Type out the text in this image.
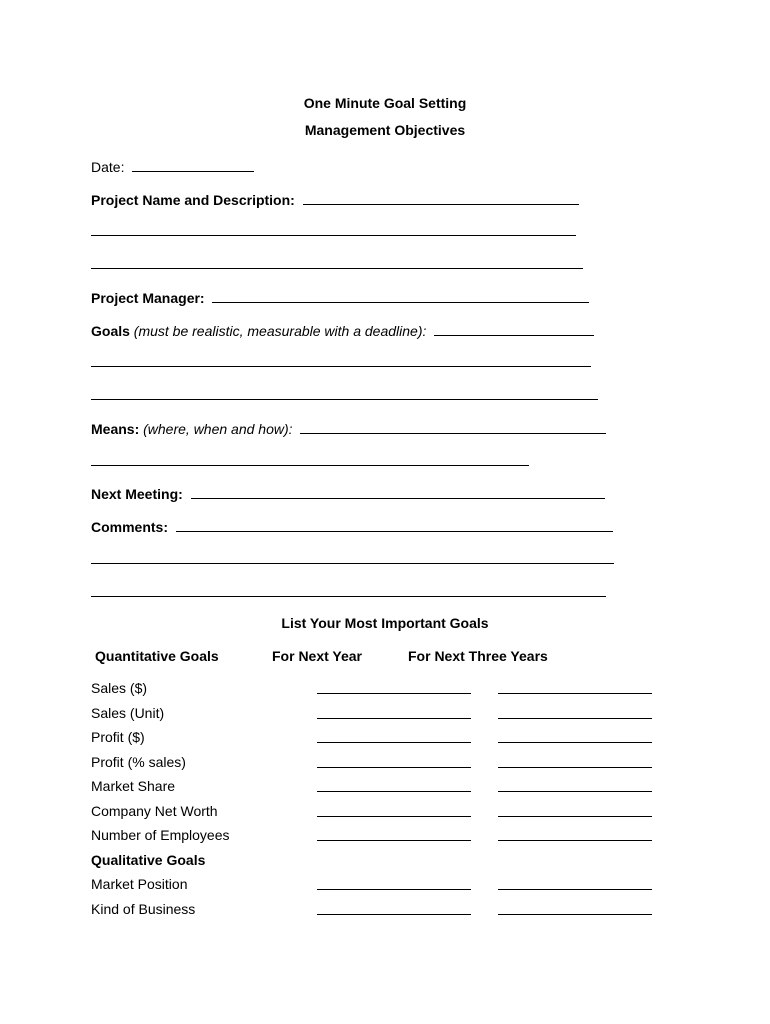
One Minute Goal Setting
Management Objectives
Date:
Project Name and Description:
Project Manager:
Goals (must be realistic, measurable with a deadline):
Means: (where, when and how):
Next Meeting:
Comments:
List Your Most Important Goals
Quantitative Goals	For Next Year	For Next Three Years
Sales ($)
Sales (Unit)
Profit ($)
Profit (% sales)
Market Share
Company Net Worth
Number of Employees
Qualitative Goals
Market Position
Kind of Business
